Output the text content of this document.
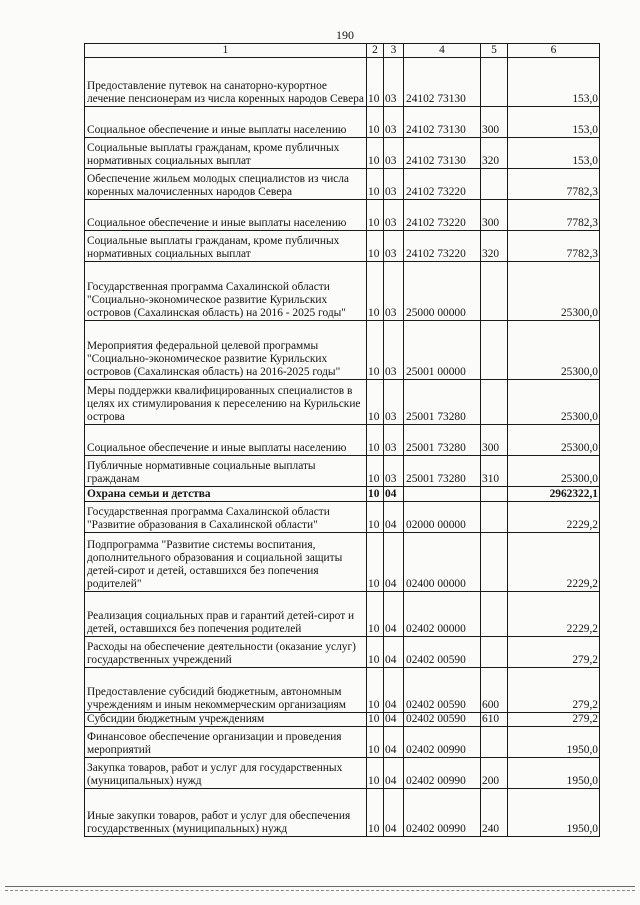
190
1	2	3	4	5	6
Предоставление путевок на санаторно-курортное лечение пенсионерам из числа коренных народов Севера	10	03	24102 73130		153,0
Социальное обеспечение и иные выплаты населению	10	03	24102 73130	300	153,0
Социальные выплаты гражданам, кроме публичных нормативных социальных выплат	10	03	24102 73130	320	153,0
Обеспечение жильем молодых специалистов из числа коренных малочисленных народов Севера	10	03	24102 73220		7782,3
Социальное обеспечение и иные выплаты населению	10	03	24102 73220	300	7782,3
Социальные выплаты гражданам, кроме публичных нормативных социальных выплат	10	03	24102 73220	320	7782,3
Государственная программа Сахалинской области "Социально-экономическое развитие Курильских островов (Сахалинская область) на 2016 - 2025 годы"	10	03	25000 00000		25300,0
Мероприятия федеральной целевой программы "Социально-экономическое развитие Курильских островов (Сахалинская область) на 2016-2025 годы"	10	03	25001 00000		25300,0
Меры поддержки квалифицированных специалистов в целях их стимулирования к переселению на Курильские острова	10	03	25001 73280		25300,0
Социальное обеспечение и иные выплаты населению	10	03	25001 73280	300	25300,0
Публичные нормативные социальные выплаты гражданам	10	03	25001 73280	310	25300,0
Охрана семьи и детства	10	04			2962322,1
Государственная программа Сахалинской области "Развитие образования в Сахалинской области"	10	04	02000 00000		2229,2
Подпрограмма "Развитие системы воспитания, дополнительного образования и социальной защиты детей-сирот и детей, оставшихся без попечения родителей"	10	04	02400 00000		2229,2
Реализация социальных прав и гарантий детей-сирот и детей, оставшихся без попечения родителей	10	04	02402 00000		2229,2
Расходы на обеспечение деятельности (оказание услуг) государственных учреждений	10	04	02402 00590		279,2
Предоставление субсидий бюджетным, автономным учреждениям и иным некоммерческим организациям	10	04	02402 00590	600	279,2
Субсидии бюджетным учреждениям	10	04	02402 00590	610	279,2
Финансовое обеспечение организации и проведения мероприятий	10	04	02402 00990		1950,0
Закупка товаров, работ и услуг для государственных (муниципальных) нужд	10	04	02402 00990	200	1950,0
Иные закупки товаров, работ и услуг для обеспечения государственных (муниципальных) нужд	10	04	02402 00990	240	1950,0
